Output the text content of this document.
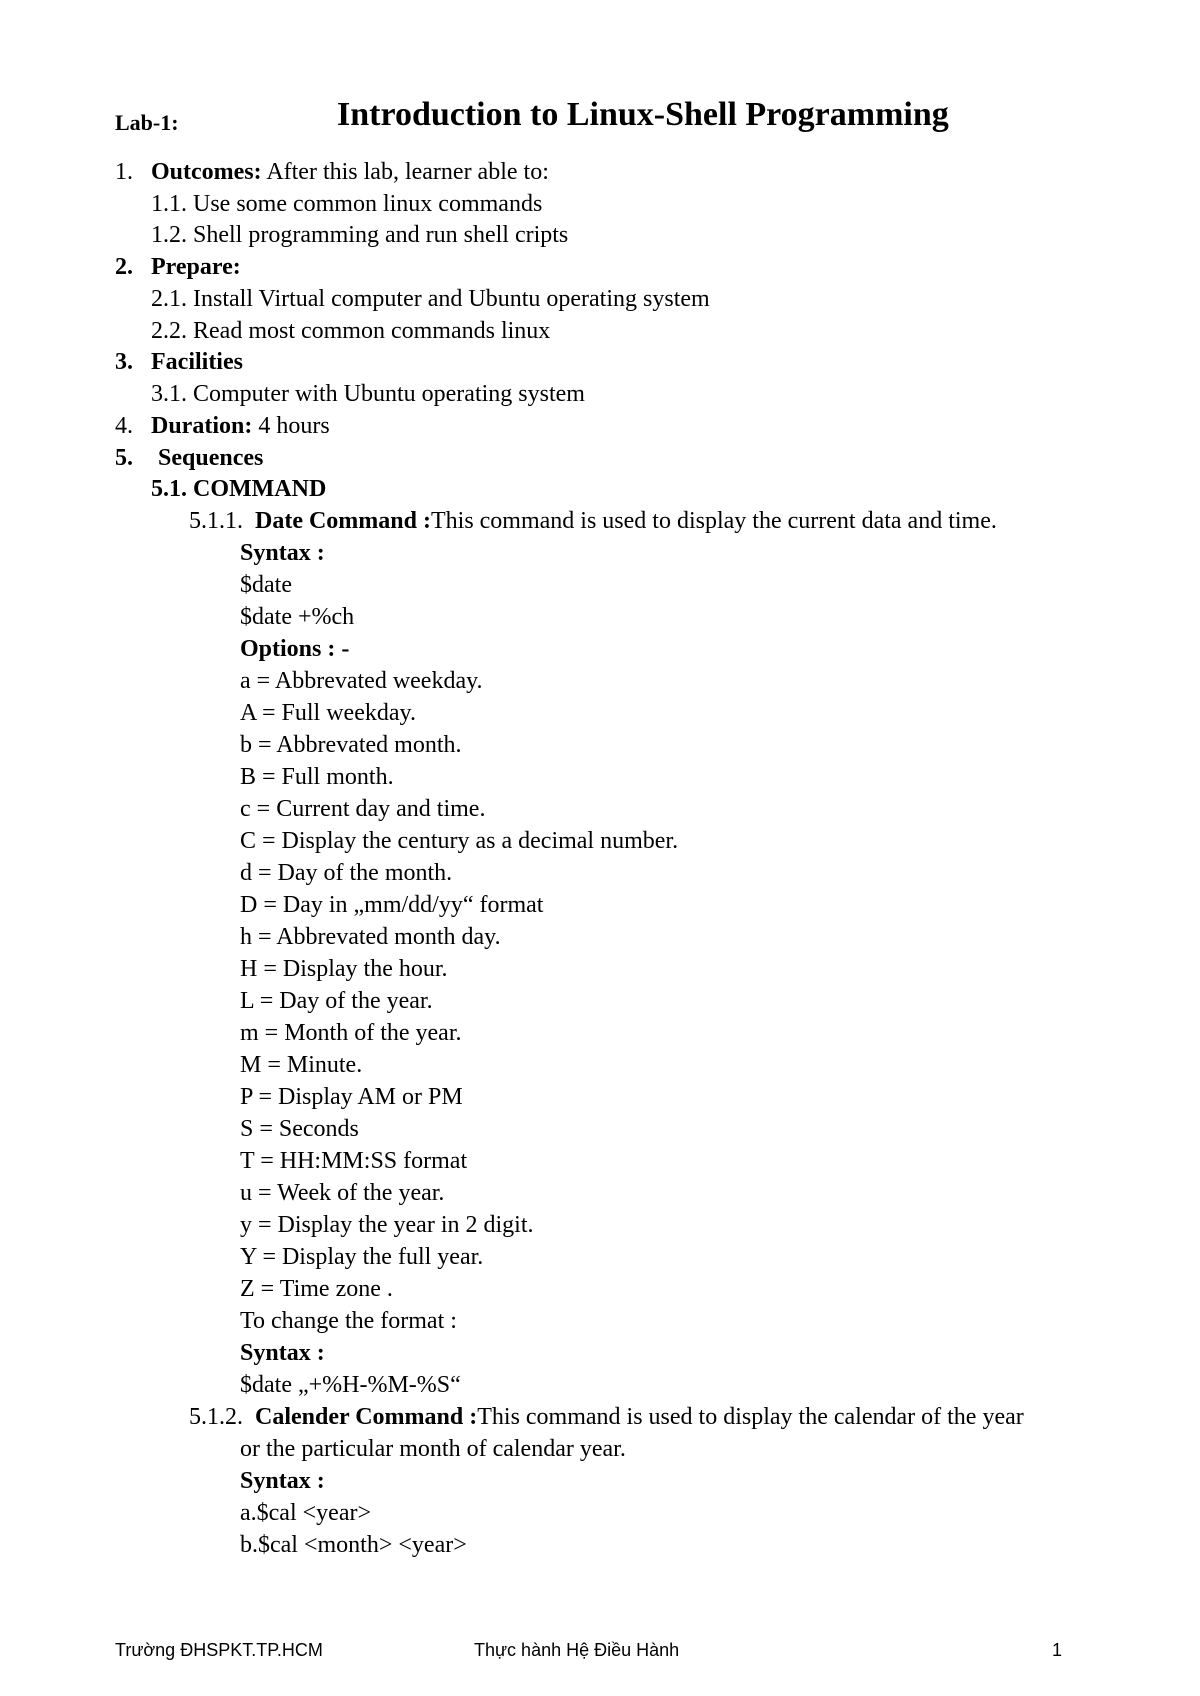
Lab-1:	Introduction to Linux-Shell Programming
1. Outcomes: After this lab, learner able to:
1.1. Use some common linux commands
1.2. Shell programming and run shell cripts
2. Prepare:
2.1. Install Virtual computer and Ubuntu operating system
2.2. Read most common commands linux
3. Facilities
3.1. Computer with Ubuntu operating system
4. Duration: 4 hours
5. Sequences
5.1. COMMAND
5.1.1. Date Command :This command is used to display the current data and time.
Syntax :
$date
$date +%ch
Options : -
a = Abbrevated weekday.
A = Full weekday.
b = Abbrevated month.
B = Full month.
c = Current day and time.
C = Display the century as a decimal number.
d = Day of the month.
D = Day in „mm/dd/yy“ format
h = Abbrevated month day.
H = Display the hour.
L = Day of the year.
m = Month of the year.
M = Minute.
P = Display AM or PM
S = Seconds
T = HH:MM:SS format
u = Week of the year.
y = Display the year in 2 digit.
Y = Display the full year.
Z = Time zone .
To change the format :
Syntax :
$date „+%H-%M-%S“
5.1.2. Calender Command :This command is used to display the calendar of the year
or the particular month of calendar year.
Syntax :
a.$cal <year>
b.$cal <month> <year>
Trường ĐHSPKT.TP.HCM	Thực hành Hệ Điều Hành	1
